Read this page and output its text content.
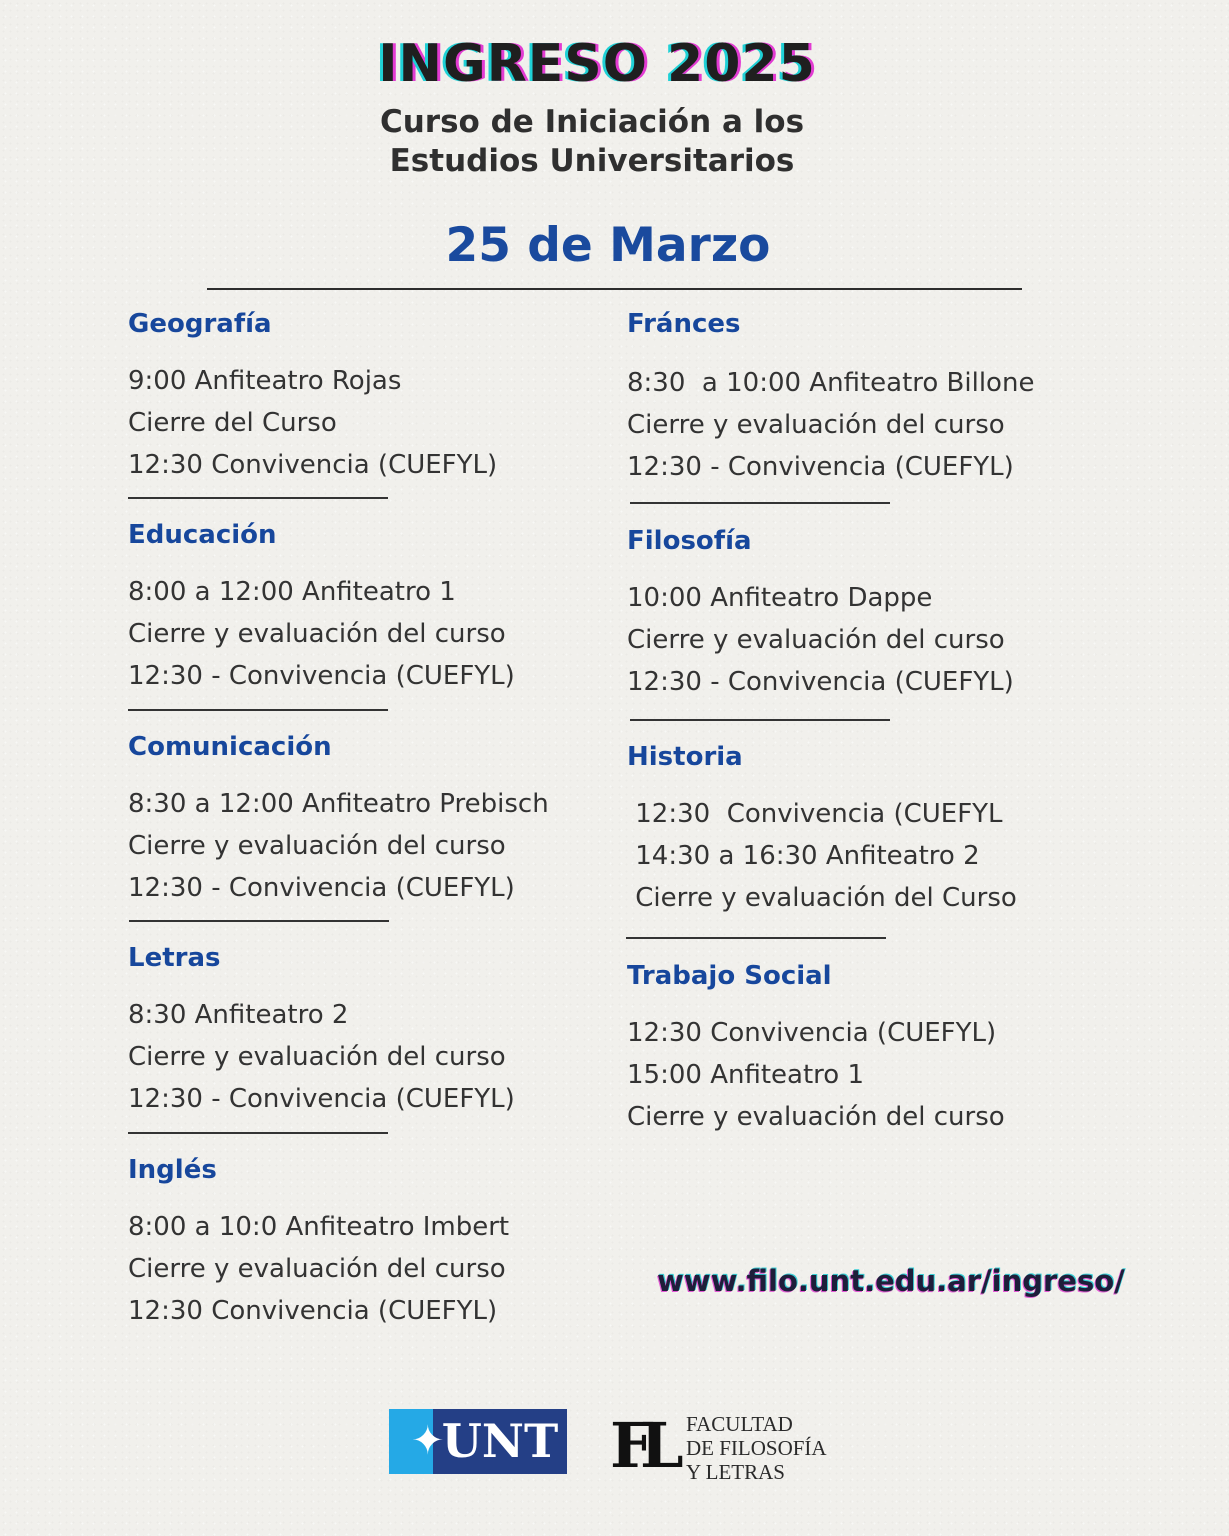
INGRESO 2025
Curso de Iniciación a los
Estudios Universitarios
25 de Marzo
Geografía
9:00 Anfiteatro Rojas
Cierre del Curso
12:30 Convivencia (CUEFYL)
Educación
8:00 a 12:00 Anfiteatro 1
Cierre y evaluación del curso
12:30 - Convivencia (CUEFYL)
Comunicación
8:30 a 12:00 Anfiteatro Prebisch
Cierre y evaluación del curso
12:30 - Convivencia (CUEFYL)
Letras
8:30 Anfiteatro 2
Cierre y evaluación del curso
12:30 - Convivencia (CUEFYL)
Inglés
8:00 a 10:0 Anfiteatro Imbert
Cierre y evaluación del curso
12:30 Convivencia (CUEFYL)
Fránces
8:30  a 10:00 Anfiteatro Billone
Cierre y evaluación del curso
12:30 - Convivencia (CUEFYL)
Filosofía
10:00 Anfiteatro Dappe
Cierre y evaluación del curso
12:30 - Convivencia (CUEFYL)
Historia
12:30  Convivencia (CUEFYL
14:30 a 16:30 Anfiteatro 2
Cierre y evaluación del Curso
Trabajo Social
12:30 Convivencia (CUEFYL)
15:00 Anfiteatro 1
Cierre y evaluación del curso
www.filo.unt.edu.ar/ingreso/
✦
UNT FL FACULTAD
DE FILOSOFÍA
Y LETRAS
